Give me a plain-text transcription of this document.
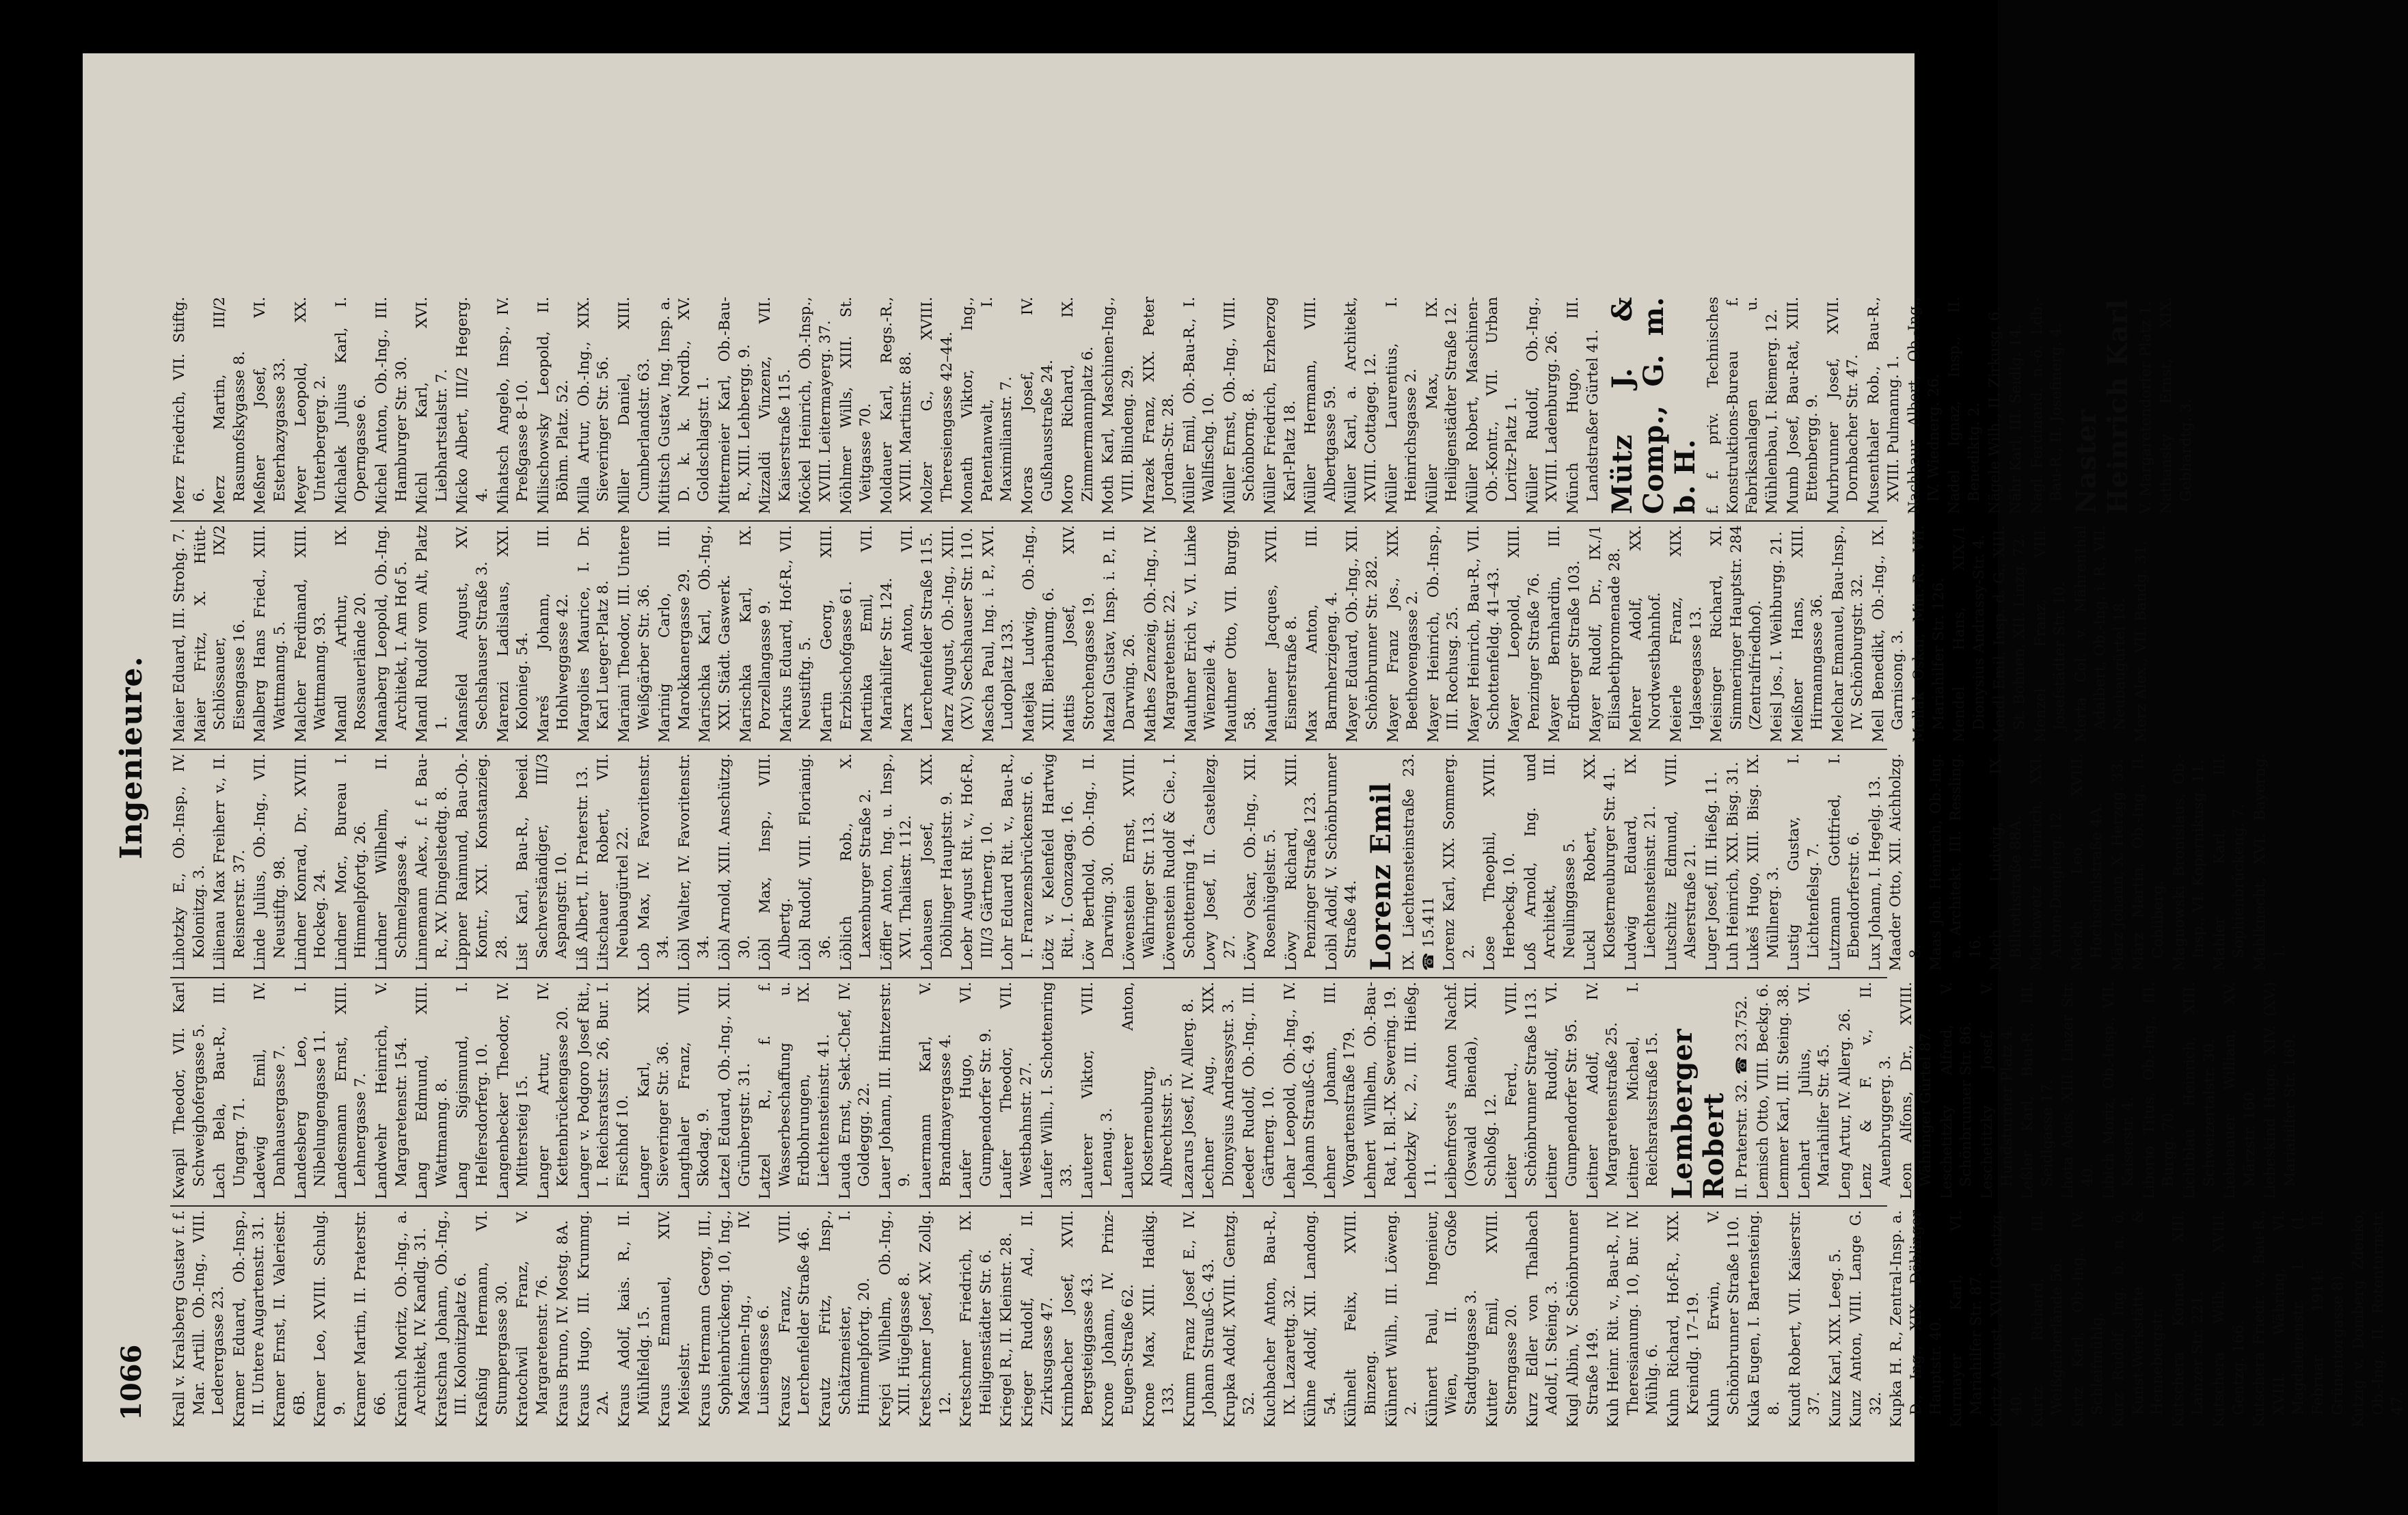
1066
Ingenieure.
Krall v. Kralsberg Gustav f. f. Mar. Artill. Ob.-Ing., VIII. Lederergasse 23. Kramer Eduard, Ob.-Insp., II. Untere Augartenstr. 31. Kramer Ernst, II. Valeriestr. 6B. Kramer Leo, XVIII. Schulg. 9. Kramer Martin, II. Praterstr. 66. Kranich Moritz, Ob.-Ing., a. Architekt, IV. Kandlg. 31. Kratschna Johann, Ob.-Ing., III. Kolonitzplatz 6. Kraßnig Hermann, VI. Stumpergasse 30. Kratochwil Franz, V. Margaretenstr. 76. Kraus Bruno, IV. Mostg. 8A. Kraus Hugo, III. Krummg. 2A. Kraus Adolf, kais. R., II. Mühlfeldg. 15. Kraus Emanuel, XIV. Meiselstr. Kraus Hermann Georg, III., Sophienbrückeng. 10, Ing., Maschinen-Ing., IV. Luisengasse 6. Krausz Franz, VIII. Lerchenfelder Straße 46. Krautz Fritz, Insp., Schätzmeister, I. Himmelpfortg. 20. Krejci Wilhelm, Ob.-Ing., XIII. Hügelgasse 8. Kretschmer Josef, XV. Zollg. 12. Kretschmer Friedrich, IX. Heiligenstädter Str. 6. Kriegel R., II. Kleinstr. 28. Krieger Rudolf, Ad., II. Zirkusgasse 47. Krimbacher Josef, XVII. Bergsteiggasse 43. Krone Johann, IV. Prinz-Eugen-Straße 62. Krone Max, XIII. Hadikg. 133. Krumm Franz Josef E., IV. Johann Strauß-G. 43. Krupka Adolf, XVIII. Gentzg. 52. Kuchbacher Anton, Bau-R., IX. Lazarettg. 32. Kühne Adolf, XII. Landong. 54. Kühnelt Felix, XVIII. Binzeng. Kühnert Wilh., III. Löweng. 2. Kühnert Paul, Ingenieur, Wien, II. Große Stadtgutgasse 3. Kutter Emil, XVIII. Sterngasse 20. Kurz Edler von Thalbach Adolf, I. Steing. 3. Kugl Albin, V. Schönbrunner Straße 149. Kuh Heinr. Rit. v., Bau-R., IV. Theresianumg. 10, Bur. IV. Mühlg. 6. Kuhn Richard, Hof-R., XIX. Kreindlg. 17–19. Kuhn Erwin, V. Schönbrunner Straße 110. Kuka Eugen, I. Bartensteing. 8. Kundt Robert, VII. Kaiserstr. 37. Kunz Karl, XIX. Leeg. 5. Kunz Anton, VIII. Lange G. 32. Kupka H. R., Zentral-Insp. a. D., Ing., XIX. Döblinger Hauptstr. 40. Kurmayer Karl, VI. Mariahilfer Str. 87. Kurtz August, XVIII. Gentzg. 40. Kurtz Richard, III. Weißgärberlände 56. Kurtz Karl, Ob.-Ing., IV. Schleifmühlg. Kurz Rudolf, Ing. b. n. ö. Kunst-Werkstätte & Hennebergstr. Kutschera Konrad, XIII. Lainzer Str. 221. Kutschera Wilh., XVIII. Gentzg. 166. Kutschera Friedr. v., Bau-R., XVIII. Währing, VI. Magdalenenstr. 1. (1. Februar 1914: II. Grünentorgasse 8). Kutzig v. Domberg Zdenko, Ob.-Ing., II. Rotenturmstr. 47.
Kwapil Theodor, VII. Karl Schweighofergasse 5. Lach Bela, Bau-R., III. Ungarg. 71. Ladewig Emil, IV. Danhausergasse 7. Landesberg Leo, I. Nibelungengasse 11. Landesmann Ernst, XIII. Lehnergasse 7. Landwehr Heinrich, V. Margaretenstr. 154. Lang Edmund, XIII. Wattmanng. 8. Lang Sigismund, I. Helfersdorferg. 10. Langenbecker Theodor, IV. Mittersteig 15. Langer Artur, IV. Kettenbrückengasse 20. Langer v. Podgoro Josef Rit., I. Reichsratsstr. 26, Bur. I. Fischhof 10. Langer Karl, XIX. Sieveringer Str. 36. Langthaler Franz, VIII. Skodag. 9. Latzel Eduard, Ob.-Ing., XII. Grünbergstr. 31. Latzel R., f. f. Wasserbeschaffung u. Erdbohrungen, IX. Liechtensteinstr. 41. Lauda Ernst, Sekt.-Chef, IV. Goldeggg. 22. Lauer Johann, III. Hintzerstr. 9. Lauermann Karl, V. Brandmayergasse 4. Laufer Hugo, VI. Gumpendorfer Str. 9. Laufer Theodor, VII. Westbahnstr. 27. Laufer Wilh., I. Schottenring 33. Lauterer Viktor, VIII. Lenaug. 3. Lauterer Anton, Klosterneuburg, Albrechtsstr. 5. Lazarus Josef, IV. Allerg. 8. Lechner Aug., XIX. Dionysius Andrassystr. 3. Leeder Rudolf, Ob.-Ing., III. Gärtnerg. 10. Lehar Leopold, Ob.-Ing., IV. Johann Strauß-G. 49. Lehner Johann, III. Vorgartenstraße 179. Lehnert Wilhelm, Ob.-Bau-Rat, I. Bl.-IX. Severing. 19. Lehotzky K., 2., III. Hießg. 11. Leibenfrost's Anton Nachf. (Oswald Bienda), XII. Schloßg. 12. Leiter Ferd., VIII. Schönbrunner Straße 113. Leitner Rudolf, VI. Gumpendorfer Str. 95. Leitner Adolf, IV. Margaretenstraße 25. Leitner Michael, I. Reichsratsstraße 15. Lemberger Robert II. Praterstr. 32. ☎ 23.752. Lemisch Otto, VIII. Beckg. 6. Lemmer Karl, III. Steing. 38. Lenhart Julius, VI. Mariahilfer Str. 45. Leng Artur, IV. Allerg. 26. Lenz & F. v., II. Auenbruggerg. 3. Leon Alfons, Dr., XVIII. Währinger Gürtel 87. Leschetitzky Alfred, V. Schönbrunner Str. 86. Leschetitzky Josef, V. Hundsturmer Platz 4. Leßler Karl, Bau-R., III. Seidlgasse 17. Lhota Alois, XIII. Linzer Str. 40. Libich Moriz, Ob.-Insp., VII. Kaiserstr. 4. Liborio Titus, Ob.-Ing., III. Burgg. 70. Lichtblau Heinrich, XIII. Schweizertalstr. 30. Liebenauer William, XV. Märzstr. 160. Liebeskind Hugo, XIV. (XV.) Mariahilfer Str. 169.
Lihotzky E., Ob.-Insp., IV. Kolonitzg. 3. Lilienau Max Freiherr v., II. Reisnerstr. 37. Linde Julius, Ob.-Ing., VII. Neustiftg. 98. Lindner Konrad, Dr., XVIII. Hockeg. 24. Lindner Mor., Bureau I. Himmelpfortg. 26. Lindner Wilhelm, II. Schmelzgasse 4. Linnemann Alex., f. f. Bau-R., XV. Dingelstedtg. 8. Lippner Raimund, Bau-Ob.-Kontr., XXI. Konstanzieg. 28. List Karl, Bau-R., beeid. Sachverständiger, III/3 Aspangstr. 10. Liß Albert, II. Praterstr. 13. Litschauer Robert, VII. Neubaugürtel 22. Lob Max, IV. Favoritenstr. 34. Löbl Walter, IV. Favoritenstr. 34. Löbl Arnold, XIII. Anschützg. 30. Löbl Max, Insp., VIII. Albertg. Löbl Rudolf, VIII. Florianig. 36. Löblich Rob., X. Laxenburger Straße 2. Löffler Anton, Ing. u. Insp., XVI. Thaliastr. 112. Lohausen Josef, XIX. Döblinger Hauptstr. 9. Loebr August Rit. v., Hof-R., III/3 Gärtnerg. 10. Lohr Eduard Rit. v., Bau-R., I. Franzensbrückenstr. 6. Lötz v. Kelenfeld Hartwig Rit., I. Gonzagag. 16. Löw Berthold, Ob.-Ing., II. Darwing. 30. Löwenstein Ernst, XVIII. Währinger Str. 113. Löwenstein Rudolf & Cie., I. Schottenring 14. Lowy Josef, II. Castellezg. 27. Löwy Oskar, Ob.-Ing., XII. Rosenhügelstr. 5. Löwy Richard, XIII. Penzinger Straße 123. Loibl Adolf, V. Schönbrunner Straße 44. Lorenz Emil IX. Liechtensteinstraße 23. ☎ 15.411 Lorenz Karl, XIX. Sommerg. 2. Lose Theophil, XVIII. Herbeckg. 10. Loß Arnold, Ing. und Architekt, III. Neulinggasse 5. Luckl Robert, XX. Klosterneuburger Str. 41. Ludwig Eduard, IX. Liechtensteinstr. 21. Lutschitz Edmund, VIII. Alserstraße 21. Luger Josef, III. Hießg. 11. Luh Heinrich, XXI. Bisg. 31. Lukeš Hugo, XIII. Bisg. IX. Müllnerg. 3. Lustig Gustav, I. Lichtenfelsg. 7. Lutzmann Gottfried, I. Ebendorferstr. 6. Lux Johann, I. Hegelg. 13. Maader Otto, XII. Aichholzg. 8. Maas Joh. Heinrich, Ob.-Ing. a. Architekt, III. Ressling. 16. Mach Ludwig, IX. Billrothstraße 88A. Machowetz Heinrich, XXI. Anton-Denglerg. 12. Mackh Leo, XVIII. Hochschulstraße 4A. März Johann, X. Herzgg. 33. März Martin, Ob.-Ing., II. Cobliberg. Magnowski Bronislaus, Ob.-Insp., VI. Kopernikusg. 11. Mahler Karl, III. Sophienbrückeng. 7. Mahlknecht, XVI. Bayerng. 1.
Maier Eduard, III. Strohg. 7. Maier Fritz, X. Hütt-Schlössauer, IX/2 Eisengasse 16. Malberg Hans Fried., XIII. Wattmanng. 5. Malcher Ferdinand, XIII. Wattmanng. 93. Mandl Arthur, IX. Rossauerlände 20. Manaberg Leopold, Ob.-Ing. Architekt, I. Am Hof 5. Mandl Rudolf vom Alt, Platz 1. Mansfeld August, XV. Sechshauser Straße 3. Marenzi Ladislaus, XXI. Kolonieg. 54. Mareš Johann, III. Hohlweggasse 42. Margolies Maurice, I. Dr. Karl Lueger-Platz 8. Mariani Theodor, III. Untere Weißgärber Str. 36. Marinig Carlo, III. Marokkanergasse 29. Marischka Karl, Ob.-Ing., XXI. Städt. Gaswerk. Marischka Karl, IX. Porzellangasse 9. Markus Eduard, Hof-R., VII. Neustiftg. 5. Martin Georg, XIII. Erzbischofgasse 61. Martinka Emil, VII. Mariahilfer Str. 124. Marx Anton, VII. Lerchenfelder Straße 115. Marz August, Ob.-Ing., XIII. (XV.) Sechshauser Str. 110. Mascha Paul, Ing. i. P., XVI. Ludoplatz 133. Matejka Ludwig, Ob.-Ing., XIII. Bierbaumg. 6. Mattis Josef, XIV. Storchengasse 19. Matzal Gustav, Insp. i. P., II. Darwing. 26. Mathes Zenzeig, Ob.-Ing., IV. Margaretenstr. 22. Mauthner Erich v., VI. Linke Wienzeile 4. Mauthner Otto, VII. Burgg. 58. Mauthner Jacques, XVII. Eisnerstraße 8. Max Anton, III. Barmherzigeng. 4. Mayer Eduard, Ob.-Ing., XII. Schönbrunner Str. 282. Mayer Franz Jos., XIX. Beethovengasse 2. Mayer Heinrich, Ob.-Insp., III. Rochusg. 25. Mayer Heinrich, Bau-R., VII. Schottenfeldg. 41–43. Mayer Leopold, XIII. Penzinger Straße 76. Mayer Bernhardin, III. Erdberger Straße 103. Mayer Rudolf, Dr., IX./1 Elisabethpromenade 28. Mehrer Adolf, XX. Nordwestbahnhof. Meierle Franz, XIX. Iglaseegasse 13. Meisinger Richard, XI. Simmeringer Hauptstr. 284 (Zentralfriedhof). Meisl Jos., I. Weihburgg. 21. Meißner Hans, XIII. Hirmanngasse 36. Melchar Emanuel, Bau-Insp., IV. Schönburgstr. 32. Mell Benedikt, Ob.-Ing., IX. Garnisong. 3. Mellak Oskar, Min.-R., VII. Mariahilfer Str. 126. Mendel Hans, XIX./1 Dionysius Andrassy-Str. 4. Mendl Emil, Insp. d. G., XIII. St. Bohnen, XII. Linzg. 72. Menzel Franz, VIII. Josefstädter Str. 10. Merta Col. v. Mährenthal Adalbert, Ob.-Ing. i. R., VII. Neubaugürtel 18. Merz Alex., VII. Bandg. 31.
Merz Friedrich, VII. Stiftg. 6. Merz Martin, III/2 Rasumofskygasse 8. Meßner Josef, VI. Esterhazygasse 33. Meyer Leopold, XX. Unterbergerg. 2. Michalek Julius Karl, I. Operngasse 6. Michel Anton, Ob.-Ing., III. Hamburger Str. 30. Michl Karl, XVI. Liebhartstalstr. 7. Micko Albert, III/2 Hegerg. 4. Mihatsch Angelo, Insp., IV. Preßgasse 8–10. Milischowsky Leopold, II. Böhm. Platz. 52. Milla Artur, Ob.-Ing., XIX. Sieveringer Str. 56. Miller Daniel, XIII. Cumberlandstr. 63. Mititsch Gustav, Ing. Insp. a. D. k. k. Nordb., XV. Goldschlagstr. 1. Mittermeier Karl, Ob.-Bau-R., XIII. Lehbergg. 9. Mizzaldi Vinzenz, VII. Kaiserstraße 115. Möckel Heinrich, Ob.-Insp., XVIII. Leitermayerg. 37. Möhlmer Wills, XIII. St. Veitgasse 70. Moldauer Karl, Regs.-R., XVIII. Martinstr. 88. Molzer G., XVIII. Theresiengasse 42–44. Monath Viktor, Ing., Patentanwalt, I. Maximilianstr. 7. Moras Josef, IV. Gußhausstraße 24. Moro Richard, IX. Zimmermannplatz 6. Moth Karl, Maschinen-Ing., VIII. Blindeng. 29. Mrazek Franz, XIX. Peter Jordan-Str. 28. Müller Emil, Ob.-Bau-R., I. Wallfischg. 10. Müller Ernst, Ob.-Ing., VIII. Schönborng. 8. Müller Friedrich, Erzherzog Karl-Platz 18. Müller Hermann, VIII. Albertgasse 59. Müller Karl, a. Architekt, XVIII. Cottageg. 12. Müller Laurentius, I. Heinrichsgasse 2. Müller Max, IX. Heiligenstädter Straße 12. Müller Robert, Maschinen-Ob.-Kontr., VII. Urban Loritz-Platz 1. Müller Rudolf, Ob.-Ing., XVIII. Ladenburgg. 26. Münch Hugo, III. Landstraßer Gürtel 41. Mütz J. & Comp., G. m. b. H. f. f. priv. Technisches Konstruktions-Bureau f. Fabriksanlagen u. Mühlenbau, I. Riemerg. 12. Mumb Josef, Bau-Rat, XIII. Ettenbergg. 9. Murbrunner Josef, XVII. Dornbacher Str. 47. Musenthaler Rob., Bau-R., XVIII. Pulmanng. 1. Nachbaur Albert, Ob.-Ing., IV. Wiednerg. 26. Nadel Ignaz, Insp., II. Benediktg. 2. Nägele Wilh., II. Zirkusg. 6. Nähr Karl, III. Seidlg. 14. Nagl Ferdinand, n.-ö. Ldb.-Bau-R., II. Josefinerg. 4. Naster Heinrich Karl V. Margaretendorfer Platz 1. Nathansky Ernst, XIX. Gebhardtg. 3.
